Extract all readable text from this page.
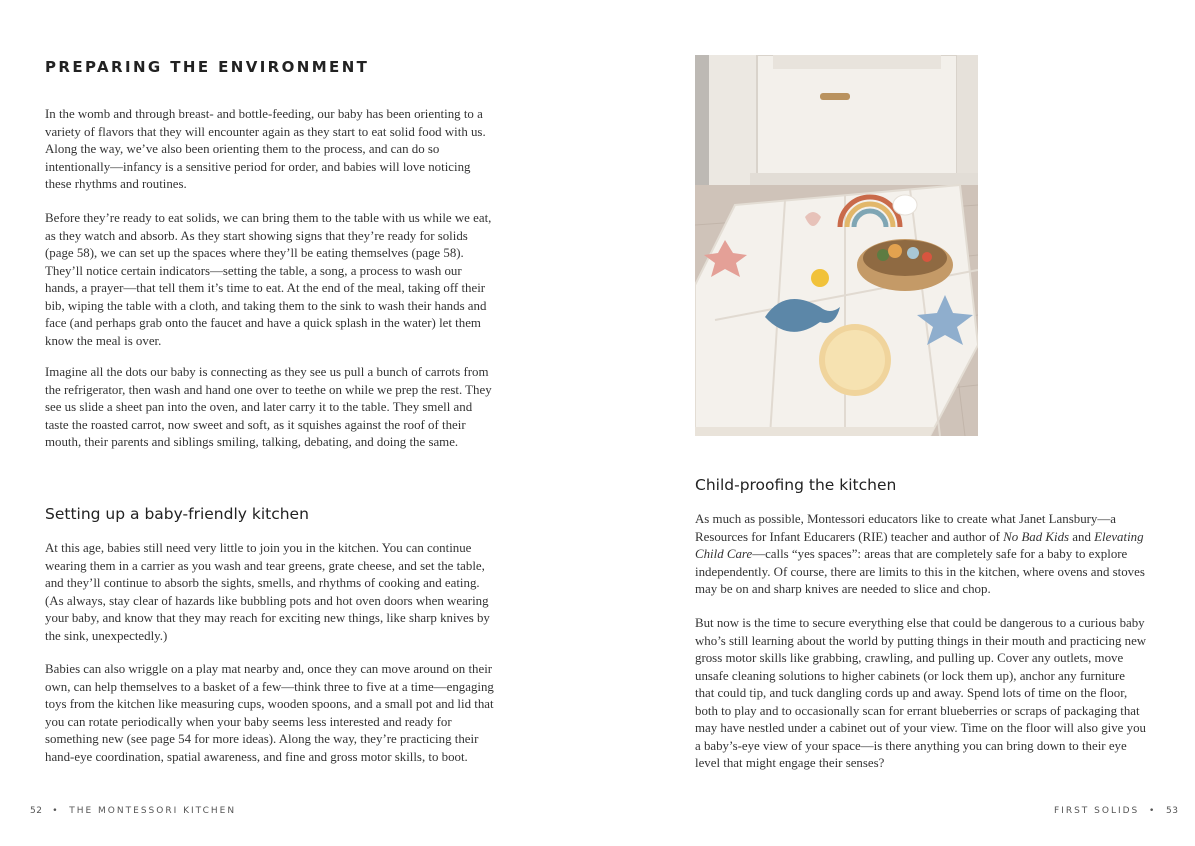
PREPARING THE ENVIRONMENT

In the womb and through breast- and bottle-feeding, our baby has been orienting to a variety of flavors that they will encounter again as they start to eat solid food with us. Along the way, we’ve also been orienting them to the process, and can do so intentionally—infancy is a sensitive period for order, and babies will love noticing these rhythms and routines.

Before they’re ready to eat solids, we can bring them to the table with us while we eat, as they watch and absorb. As they start showing signs that they’re ready for solids (page 58), we can set up the spaces where they’ll be eating themselves (page 58). They’ll notice certain indicators—setting the table, a song, a process to wash our hands, a prayer—that tell them it’s time to eat. At the end of the meal, taking off their bib, wiping the table with a cloth, and taking them to the sink to wash their hands and face (and perhaps grab onto the faucet and have a quick splash in the water) let them know the meal is over.

Imagine all the dots our baby is connecting as they see us pull a bunch of carrots from the refrigerator, then wash and hand one over to teethe on while we prep the rest. They see us slide a sheet pan into the oven, and later carry it to the table. They smell and taste the roasted carrot, now sweet and soft, as it squishes against the roof of their mouth, their parents and siblings smiling, talking, debating, and doing the same.

Setting up a baby-friendly kitchen

At this age, babies still need very little to join you in the kitchen. You can continue wearing them in a carrier as you wash and tear greens, grate cheese, and set the table, and they’ll continue to absorb the sights, smells, and rhythms of cooking and eating. (As always, stay clear of hazards like bubbling pots and hot oven doors when wearing your baby, and know that they may reach for exciting new things, like sharp knives by the sink, unexpectedly.)

Babies can also wriggle on a play mat nearby and, once they can move around on their own, can help themselves to a basket of a few—think three to five at a time—engaging toys from the kitchen like measuring cups, wooden spoons, and a small pot and lid that you can rotate periodically when your baby seems less interested and ready for something new (see page 54 for more ideas). Along the way, they’re practicing their hand-eye coordination, spatial awareness, and fine and gross motor skills, to boot.

52 • THE MONTESSORI KITCHEN
Child-proofing the kitchen

As much as possible, Montessori educators like to create what Janet Lansbury—a Resources for Infant Educarers (RIE) teacher and author of No Bad Kids and Elevating Child Care—calls “yes spaces”: areas that are completely safe for a baby to explore independently. Of course, there are limits to this in the kitchen, where ovens and stoves may be on and sharp knives are needed to slice and chop.

But now is the time to secure everything else that could be dangerous to a curious baby who’s still learning about the world by putting things in their mouth and practicing new gross motor skills like grabbing, crawling, and pulling up. Cover any outlets, move unsafe cleaning solutions to higher cabinets (or lock them up), anchor any furniture that could tip, and tuck dangling cords up and away. Spend lots of time on the floor, both to play and to occasionally scan for errant blueberries or scraps of packaging that may have nestled under a cabinet out of your view. Time on the floor will also give you a baby’s-eye view of your space—is there anything you can bring down to their eye level that might engage their senses?

FIRST SOLIDS • 53
